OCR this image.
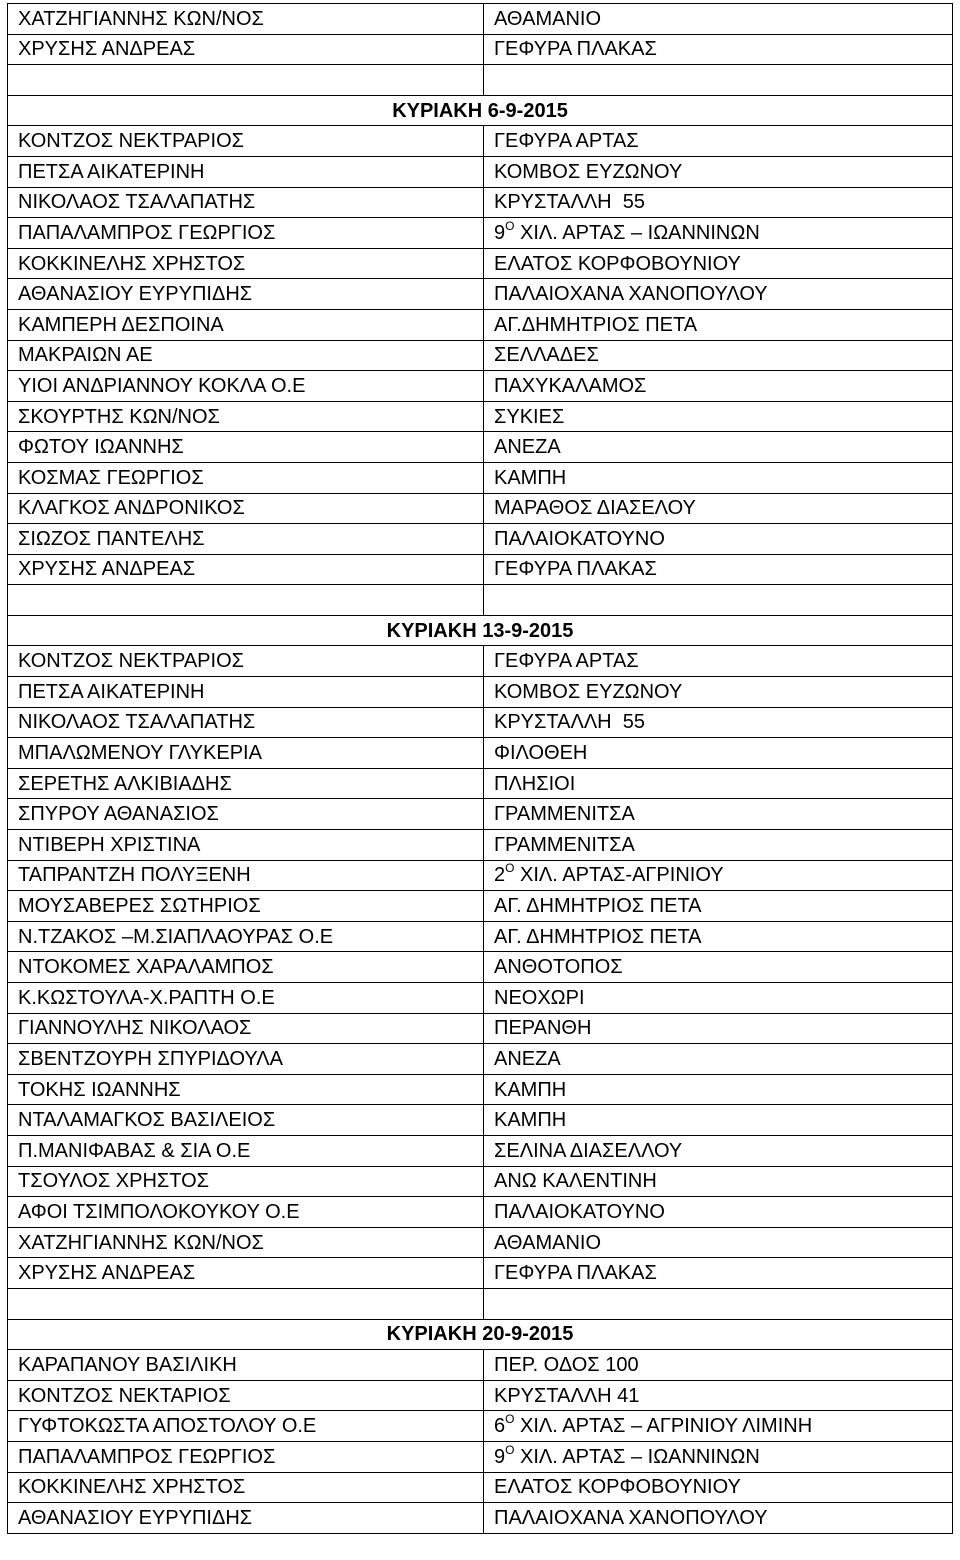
ΧΑΤΖΗΓΙΑΝΝΗΣ ΚΩΝ/ΝΟΣ	ΑΘΑΜΑΝΙΟ
ΧΡΥΣΗΣ ΑΝΔΡΕΑΣ	ΓΕΦΥΡΑ ΠΛΑΚΑΣ

ΚΥΡΙΑΚΗ 6-9-2015	
ΚΟΝΤΖΟΣ ΝΕΚΤΡΑΡΙΟΣ	ΓΕΦΥΡΑ ΑΡΤΑΣ
ΠΕΤΣΑ ΑΙΚΑΤΕΡΙΝΗ	ΚΟΜΒΟΣ ΕΥΖΩΝΟΥ
ΝΙΚΟΛΑΟΣ ΤΣΑΛΑΠΑΤΗΣ	ΚΡΥΣΤΑΛΛΗ  55
ΠΑΠΑΛΑΜΠΡΟΣ ΓΕΩΡΓΙΟΣ	$9^O$ ΧΙΛ. ΑΡΤΑΣ – ΙΩΑΝΝΙΝΩΝ
ΚΟΚΚΙΝΕΛΗΣ ΧΡΗΣΤΟΣ	ΕΛΑΤΟΣ ΚΟΡΦΟΒΟΥΝΙΟΥ
ΑΘΑΝΑΣΙΟΥ ΕΥΡΥΠΙΔΗΣ	ΠΑΛΑΙΟΧΑΝΑ ΧΑΝΟΠΟΥΛΟΥ
ΚΑΜΠΕΡΗ ΔΕΣΠΟΙΝΑ	ΑΓ.ΔΗΜΗΤΡΙΟΣ ΠΕΤΑ
ΜΑΚΡΑΙΩΝ ΑΕ	ΣΕΛΛΑΔΕΣ
ΥΙΟΙ ΑΝΔΡΙΑΝΝΟΥ ΚΟΚΛΑ Ο.Ε	ΠΑΧΥΚΑΛΑΜΟΣ
ΣΚΟΥΡΤΗΣ ΚΩΝ/ΝΟΣ	ΣΥΚΙΕΣ
ΦΩΤΟΥ ΙΩΑΝΝΗΣ	ΑΝΕΖΑ
ΚΟΣΜΑΣ ΓΕΩΡΓΙΟΣ	ΚΑΜΠΗ
ΚΛΑΓΚΟΣ ΑΝΔΡΟΝΙΚΟΣ	ΜΑΡΑΘΟΣ ΔΙΑΣΕΛΟΥ
ΣΙΩΖΟΣ ΠΑΝΤΕΛΗΣ	ΠΑΛΑΙΟΚΑΤΟΥΝΟ
ΧΡΥΣΗΣ ΑΝΔΡΕΑΣ	ΓΕΦΥΡΑ ΠΛΑΚΑΣ

ΚΥΡΙΑΚΗ 13-9-2015	
ΚΟΝΤΖΟΣ ΝΕΚΤΡΑΡΙΟΣ	ΓΕΦΥΡΑ ΑΡΤΑΣ
ΠΕΤΣΑ ΑΙΚΑΤΕΡΙΝΗ	ΚΟΜΒΟΣ ΕΥΖΩΝΟΥ
ΝΙΚΟΛΑΟΣ ΤΣΑΛΑΠΑΤΗΣ	ΚΡΥΣΤΑΛΛΗ  55
ΜΠΑΛΩΜΕΝΟΥ ΓΛΥΚΕΡΙΑ	ΦΙΛΟΘΕΗ
ΣΕΡΕΤΗΣ ΑΛΚΙΒΙΑΔΗΣ	ΠΛΗΣΙΟΙ
ΣΠΥΡΟΥ ΑΘΑΝΑΣΙΟΣ	ΓΡΑΜΜΕΝΙΤΣΑ
ΝΤΙΒΕΡΗ ΧΡΙΣΤΙΝΑ	ΓΡΑΜΜΕΝΙΤΣΑ
ΤΑΠΡΑΝΤΖΗ ΠΟΛΥΞΕΝΗ	$2^O$ ΧΙΛ. ΑΡΤΑΣ-ΑΓΡΙΝΙΟΥ
ΜΟΥΣΑΒΕΡΕΣ ΣΩΤΗΡΙΟΣ	ΑΓ. ΔΗΜΗΤΡΙΟΣ ΠΕΤΑ
Ν.ΤΖΑΚΟΣ –Μ.ΣΙΑΠΛΑΟΥΡΑΣ Ο.Ε	ΑΓ. ΔΗΜΗΤΡΙΟΣ ΠΕΤΑ
ΝΤΟΚΟΜΕΣ ΧΑΡΑΛΑΜΠΟΣ	ΑΝΘΟΤΟΠΟΣ
Κ.ΚΩΣΤΟΥΛΑ-Χ.ΡΑΠΤΗ Ο.Ε	ΝΕΟΧΩΡΙ
ΓΙΑΝΝΟΥΛΗΣ ΝΙΚΟΛΑΟΣ	ΠΕΡΑΝΘΗ
ΣΒΕΝΤΖΟΥΡΗ ΣΠΥΡΙΔΟΥΛΑ	ΑΝΕΖΑ
ΤΟΚΗΣ ΙΩΑΝΝΗΣ	ΚΑΜΠΗ
ΝΤΑΛΑΜΑΓΚΟΣ ΒΑΣΙΛΕΙΟΣ	ΚΑΜΠΗ
Π.ΜΑΝΙΦΑΒΑΣ & ΣΙΑ Ο.Ε	ΣΕΛΙΝΑ ΔΙΑΣΕΛΛΟΥ
ΤΣΟΥΛΟΣ ΧΡΗΣΤΟΣ	ΑΝΩ ΚΑΛΕΝΤΙΝΗ
ΑΦΟΙ ΤΣΙΜΠΟΛΟΚΟΥΚΟΥ Ο.Ε	ΠΑΛΑΙΟΚΑΤΟΥΝΟ
ΧΑΤΖΗΓΙΑΝΝΗΣ ΚΩΝ/ΝΟΣ	ΑΘΑΜΑΝΙΟ
ΧΡΥΣΗΣ ΑΝΔΡΕΑΣ	ΓΕΦΥΡΑ ΠΛΑΚΑΣ

ΚΥΡΙΑΚΗ 20-9-2015	
ΚΑΡΑΠΑΝΟΥ ΒΑΣΙΛΙΚΗ	ΠΕΡ. ΟΔΟΣ 100
ΚΟΝΤΖΟΣ ΝΕΚΤΑΡΙΟΣ	ΚΡΥΣΤΑΛΛΗ 41
ΓΥΦΤΟΚΩΣΤΑ ΑΠΟΣΤΟΛΟΥ Ο.Ε	$6^O$ ΧΙΛ. ΑΡΤΑΣ – ΑΓΡΙΝΙΟΥ ΛΙΜΙΝΗ
ΠΑΠΑΛΑΜΠΡΟΣ ΓΕΩΡΓΙΟΣ	$9^O$ ΧΙΛ. ΑΡΤΑΣ – ΙΩΑΝΝΙΝΩΝ
ΚΟΚΚΙΝΕΛΗΣ ΧΡΗΣΤΟΣ	ΕΛΑΤΟΣ ΚΟΡΦΟΒΟΥΝΙΟΥ
ΑΘΑΝΑΣΙΟΥ ΕΥΡΥΠΙΔΗΣ	ΠΑΛΑΙΟΧΑΝΑ ΧΑΝΟΠΟΥΛΟΥ
